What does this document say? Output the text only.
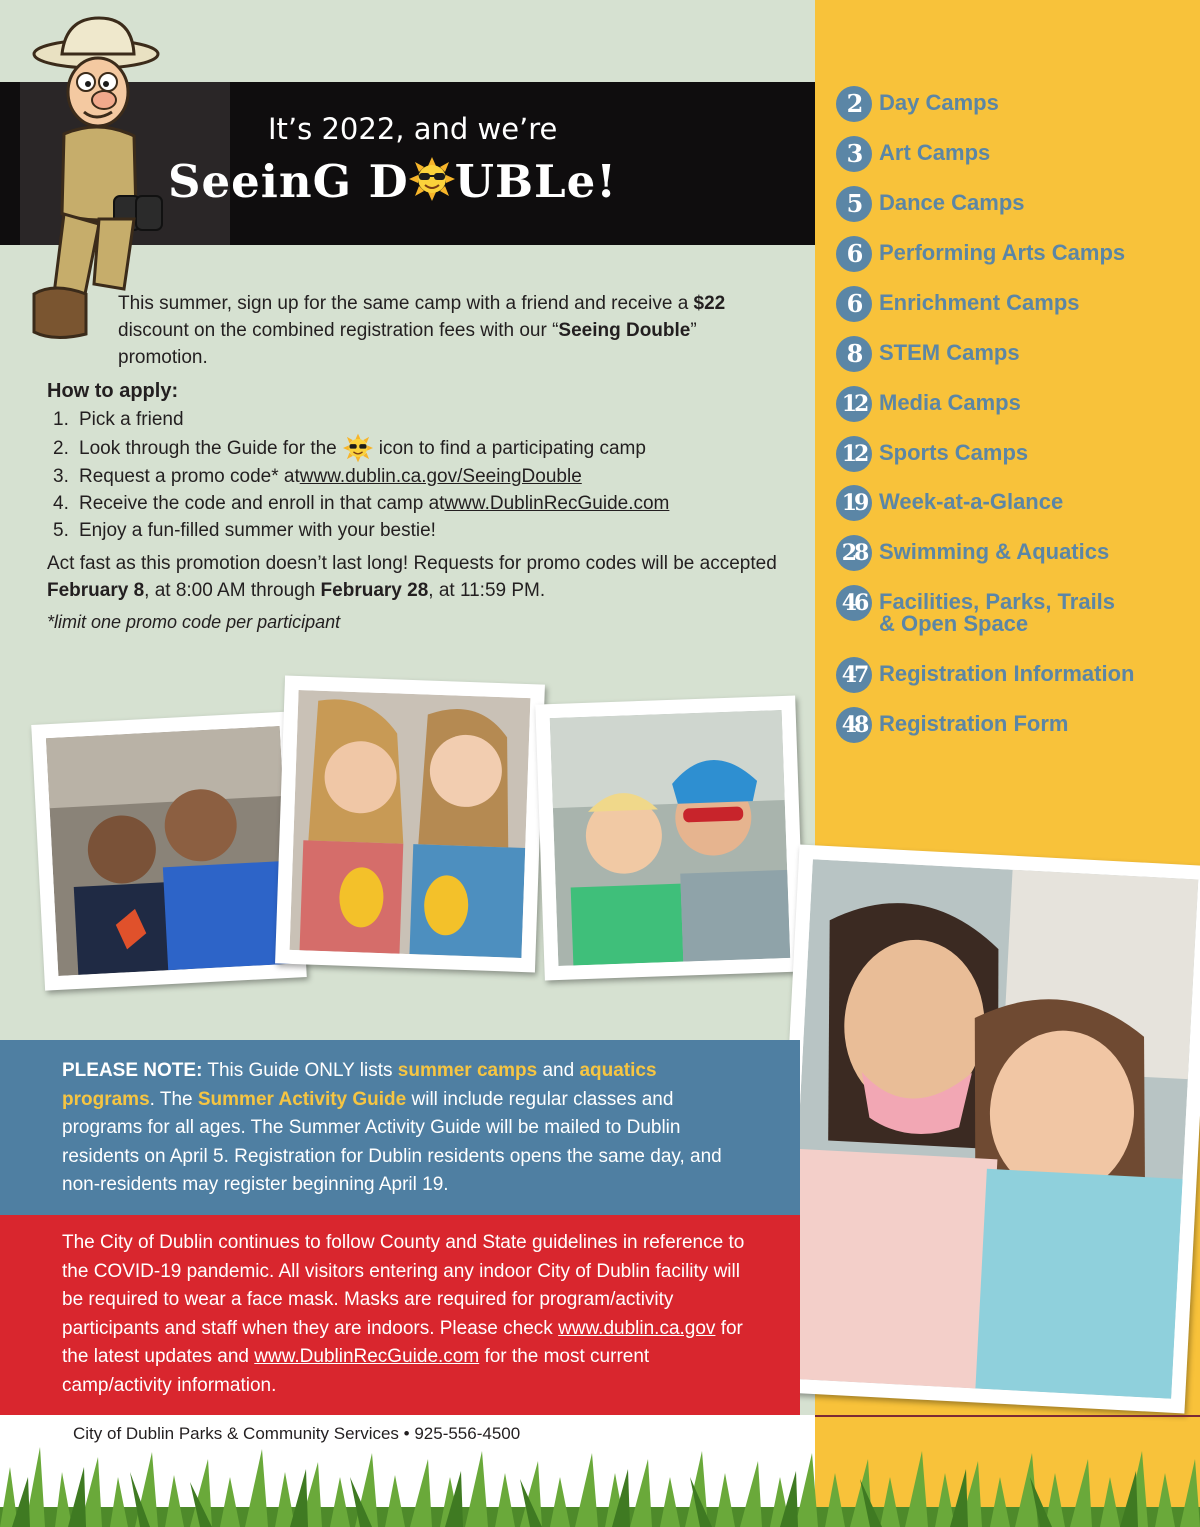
It’s 2022, and we’re
SeeinG D UBLe!

This summer, sign up for the same camp with a friend and receive a $22 discount on the combined registration fees with our “Seeing Double” promotion.

How to apply:
1. Pick a friend
2. Look through the Guide for the icon to find a participating camp
3. Request a promo code* at www.dublin.ca.gov/SeeingDouble
4. Receive the code and enroll in that camp at www.DublinRecGuide.com
5. Enjoy a fun-filled summer with your bestie!
Act fast as this promotion doesn’t last long! Requests for promo codes will be accepted February 8, at 8:00 AM through February 28, at 11:59 PM.
*limit one promo code per participant
PLEASE NOTE: This Guide ONLY lists summer camps and aquatics programs. The Summer Activity Guide will include regular classes and programs for all ages. The Summer Activity Guide will be mailed to Dublin residents on April 5. Registration for Dublin residents opens the same day, and non-residents may register beginning April 19.
The City of Dublin continues to follow County and State guidelines in reference to the COVID-19 pandemic. All visitors entering any indoor City of Dublin facility will be required to wear a face mask. Masks are required for program/activity participants and staff when they are indoors. Please check www.dublin.ca.gov for the latest updates and www.DublinRecGuide.com for the most current camp/activity information.
2 Day Camps
3 Art Camps
5 Dance Camps
6 Performing Arts Camps
6 Enrichment Camps
8 STEM Camps
12 Media Camps
12 Sports Camps
19 Week-at-a-Glance
28 Swimming & Aquatics
46 Facilities, Parks, Trails
& Open Space
47 Registration Information
48 Registration Form
City of Dublin Parks & Community Services • 925-556-4500
